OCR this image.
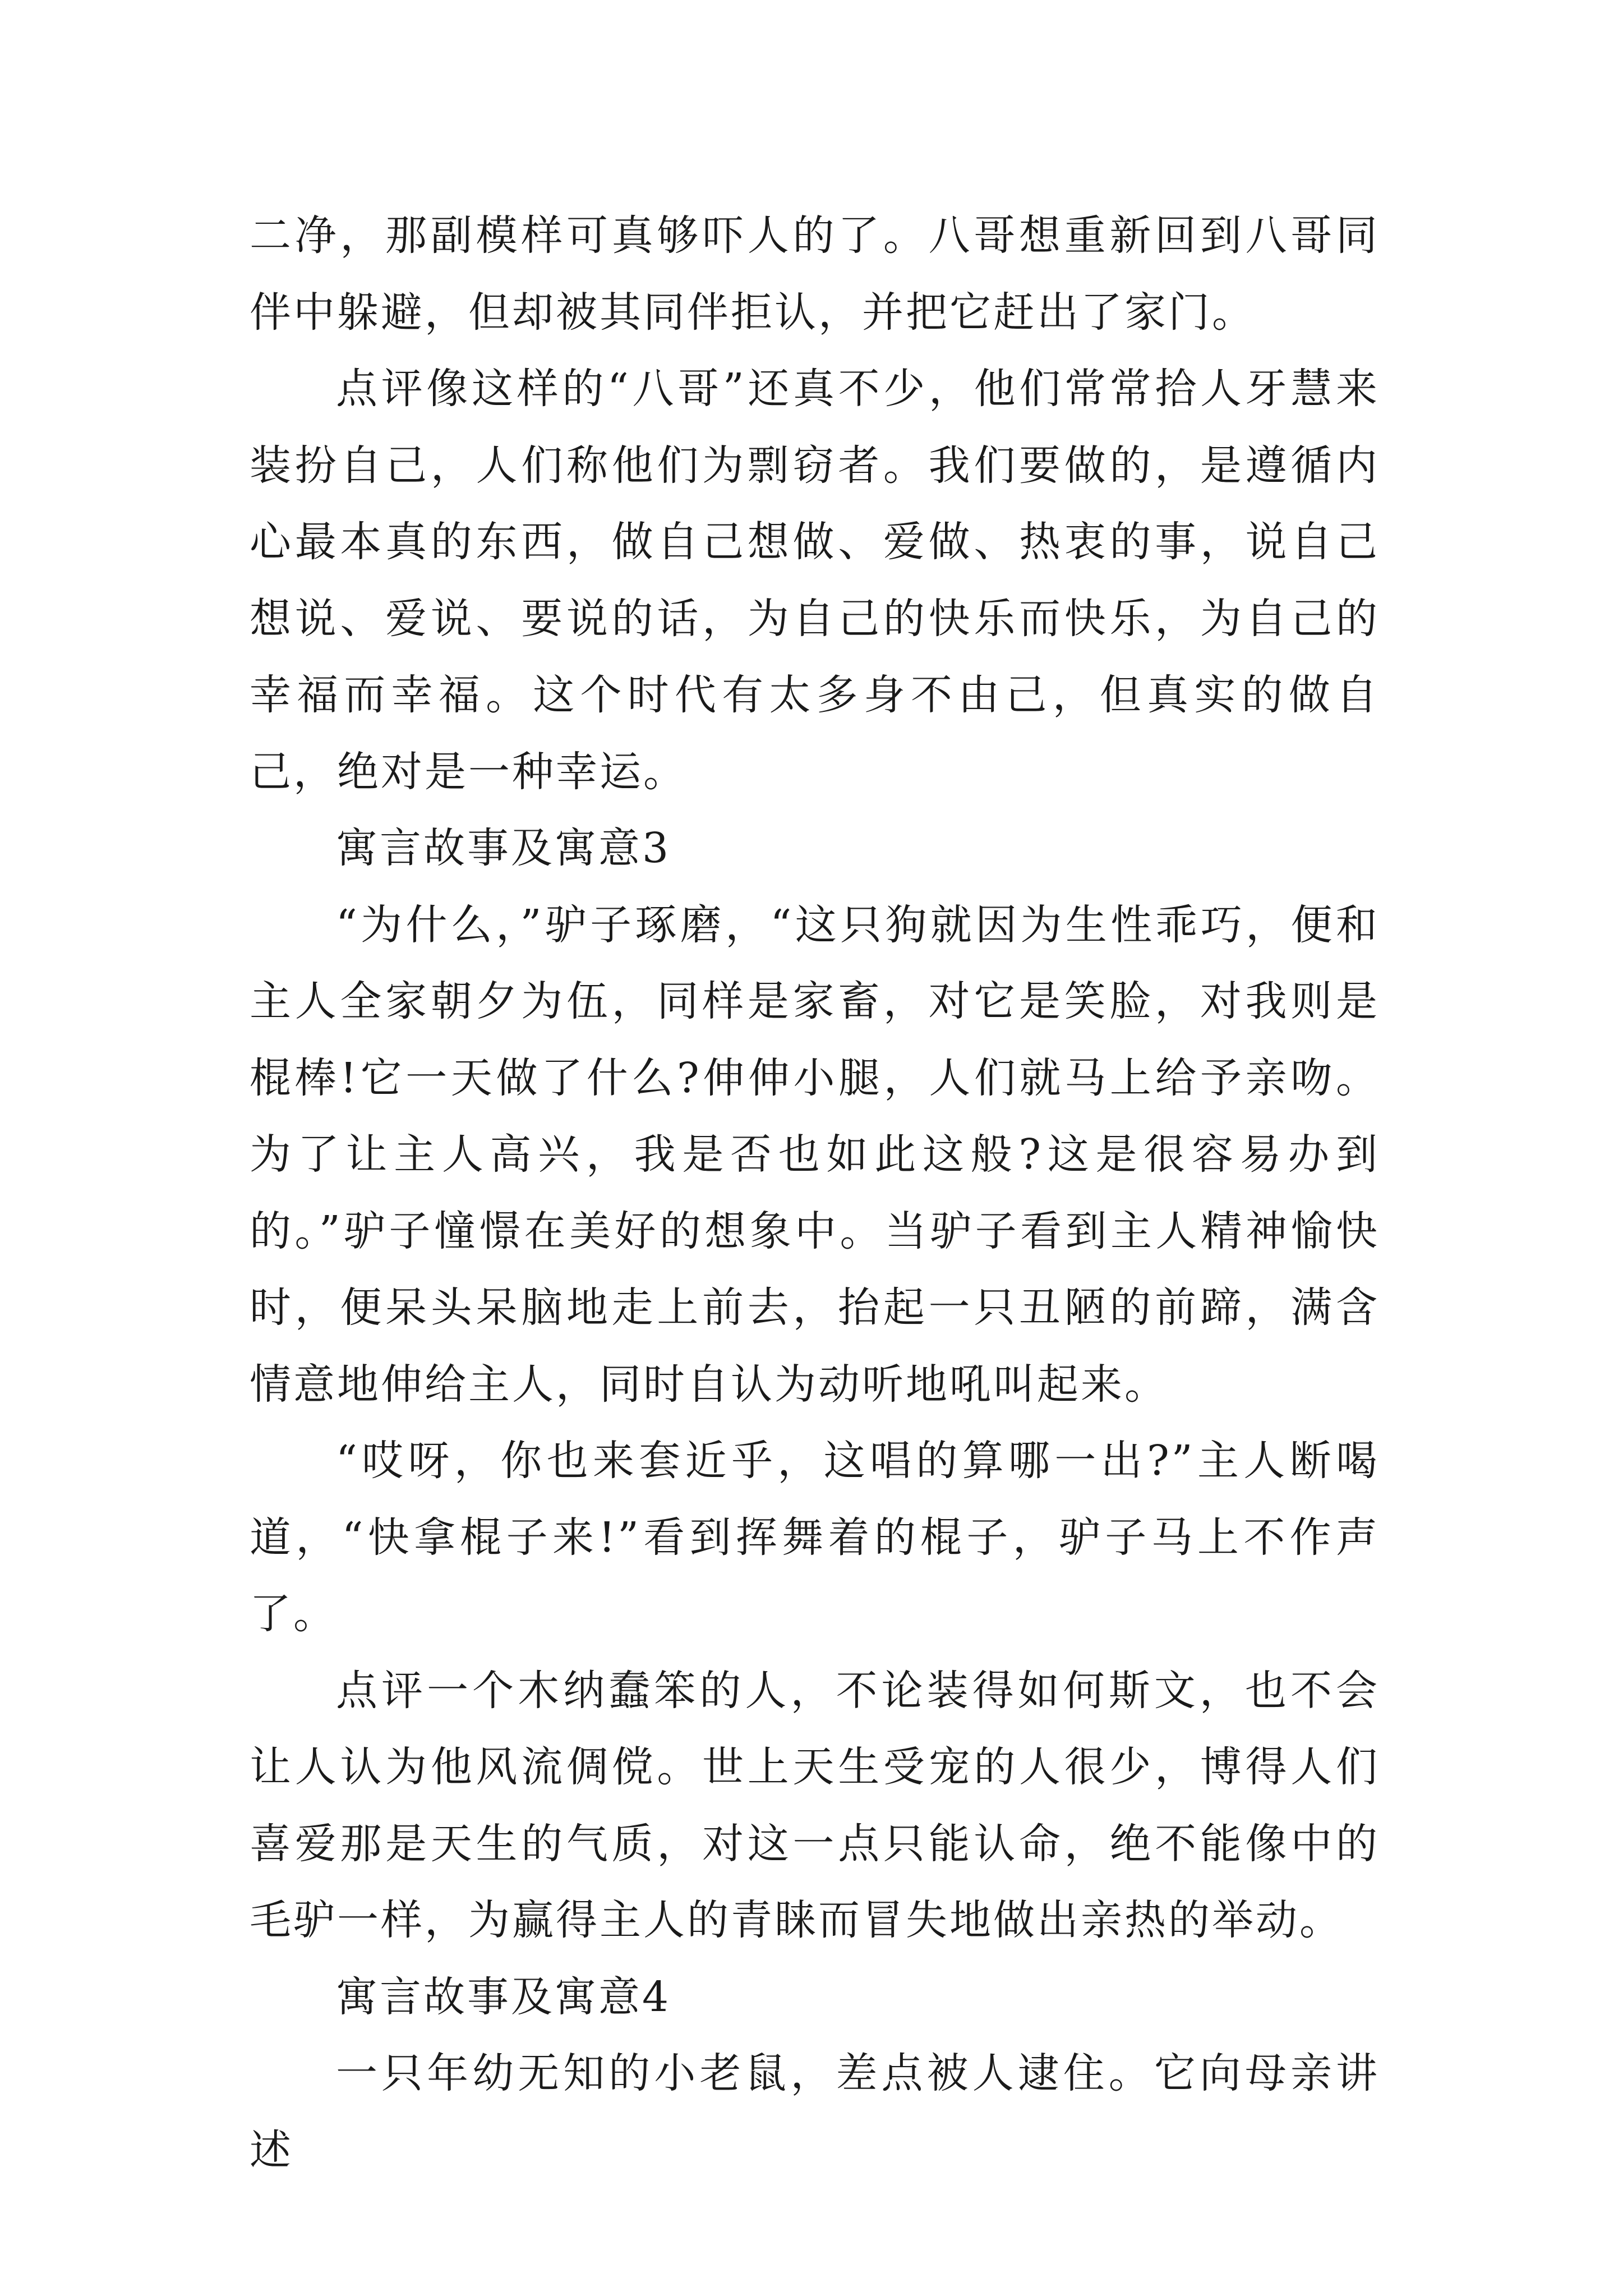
二净，那副模样可真够吓人的了。八哥想重新回到八哥同伴中躲避，但却被其同伴拒认，并把它赶出了家门。

点评像这样的“八哥”还真不少，他们常常拾人牙慧来装扮自己，人们称他们为剽窃者。我们要做的，是遵循内心最本真的东西，做自己想做、爱做、热衷的事，说自己想说、爱说、要说的话，为自己的快乐而快乐，为自己的幸福而幸福。这个时代有太多身不由己，但真实的做自己，绝对是一种幸运。

寓言故事及寓意3

“为什么，”驴子琢磨，“这只狗就因为生性乖巧，便和主人全家朝夕为伍，同样是家畜，对它是笑脸，对我则是棍棒!它一天做了什么?伸伸小腿，人们就马上给予亲吻。为了让主人高兴，我是否也如此这般?这是很容易办到的。”驴子憧憬在美好的想象中。当驴子看到主人精神愉快时，便呆头呆脑地走上前去，抬起一只丑陋的前蹄，满含情意地伸给主人，同时自认为动听地吼叫起来。

“哎呀，你也来套近乎，这唱的算哪一出?”主人断喝道，“快拿棍子来!”看到挥舞着的棍子，驴子马上不作声了。

点评一个木纳蠢笨的人，不论装得如何斯文，也不会让人认为他风流倜傥。世上天生受宠的人很少，博得人们喜爱那是天生的气质，对这一点只能认命，绝不能像中的毛驴一样，为赢得主人的青睐而冒失地做出亲热的举动。

寓言故事及寓意4

一只年幼无知的小老鼠，差点被人逮住。它向母亲讲述
